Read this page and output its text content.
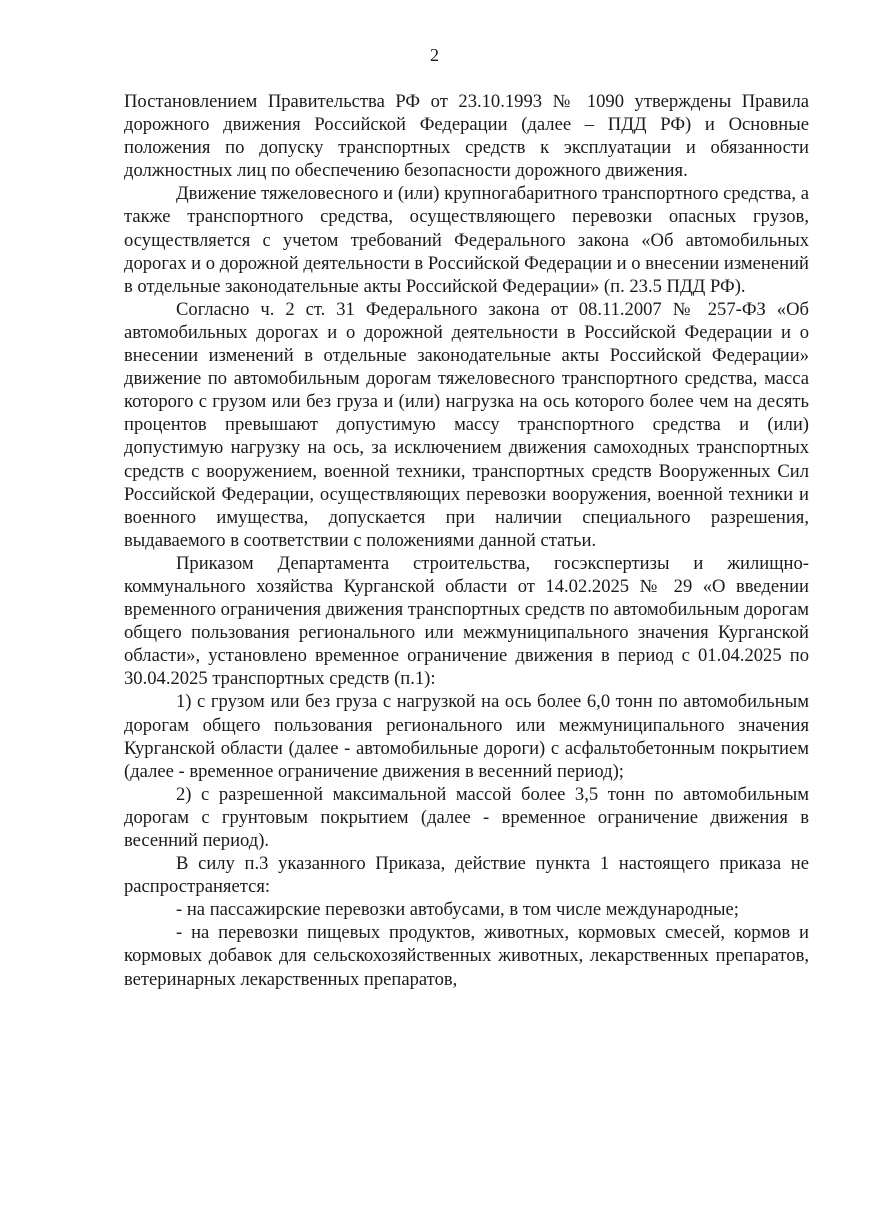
2

Постановлением Правительства РФ от 23.10.1993 № 1090 утверждены Правила дорожного движения Российской Федерации (далее – ПДД РФ) и Основные положения по допуску транспортных средств к эксплуатации и обязанности должностных лиц по обеспечению безопасности дорожного движения.

Движение тяжеловесного и (или) крупногабаритного транспортного средства, а также транспортного средства, осуществляющего перевозки опасных грузов, осуществляется с учетом требований Федерального закона «Об автомобильных дорогах и о дорожной деятельности в Российской Федерации и о внесении изменений в отдельные законодательные акты Российской Федерации» (п. 23.5 ПДД РФ).

Согласно ч. 2 ст. 31 Федерального закона от 08.11.2007 № 257-ФЗ «Об автомобильных дорогах и о дорожной деятельности в Российской Федерации и о внесении изменений в отдельные законодательные акты Российской Федерации» движение по автомобильным дорогам тяжеловесного транспортного средства, масса которого с грузом или без груза и (или) нагрузка на ось которого более чем на десять процентов превышают допустимую массу транспортного средства и (или) допустимую нагрузку на ось, за исключением движения самоходных транспортных средств с вооружением, военной техники, транспортных средств Вооруженных Сил Российской Федерации, осуществляющих перевозки вооружения, военной техники и военного имущества, допускается при наличии специального разрешения, выдаваемого в соответствии с положениями данной статьи.

Приказом Департамента строительства, госэкспертизы и жилищно-коммунального хозяйства Курганской области от 14.02.2025 № 29 «О введении временного ограничения движения транспортных средств по автомобильным дорогам общего пользования регионального или межмуниципального значения Курганской области», установлено временное ограничение движения в период с 01.04.2025 по 30.04.2025 транспортных средств (п.1):

1) с грузом или без груза с нагрузкой на ось более 6,0 тонн по автомобильным дорогам общего пользования регионального или межмуниципального значения Курганской области (далее - автомобильные дороги) с асфальтобетонным покрытием (далее - временное ограничение движения в весенний период);

2) с разрешенной максимальной массой более 3,5 тонн по автомобильным дорогам с грунтовым покрытием (далее - временное ограничение движения в весенний период).

В силу п.3 указанного Приказа, действие пункта 1 настоящего приказа не распространяется:

- на пассажирские перевозки автобусами, в том числе международные;

- на перевозки пищевых продуктов, животных, кормовых смесей, кормов и кормовых добавок для сельскохозяйственных животных, лекарственных препаратов, ветеринарных лекарственных препаратов,
